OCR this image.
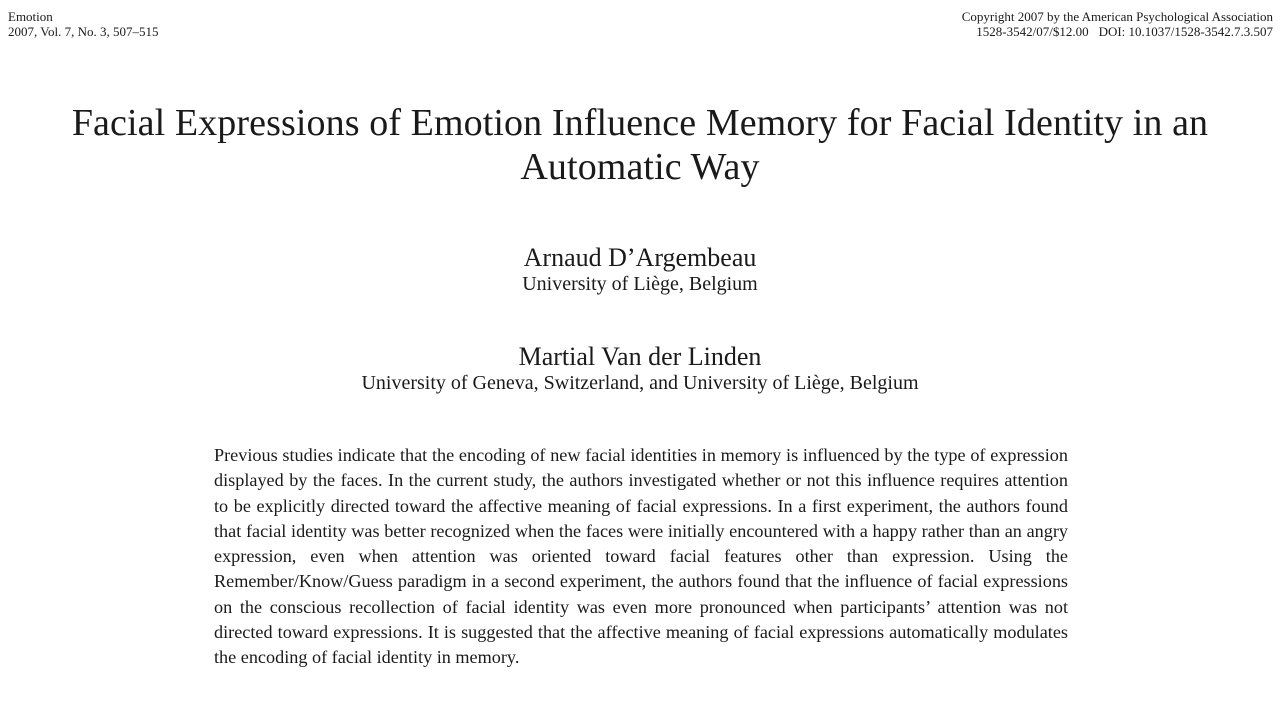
Emotion
2007, Vol. 7, No. 3, 507–515
Copyright 2007 by the American Psychological Association
1528-3542/07/$12.00 DOI: 10.1037/1528-3542.7.3.507
Facial Expressions of Emotion Influence Memory for Facial Identity in an
Automatic Way
Arnaud D’Argembeau
University of Liège, Belgium
Martial Van der Linden
University of Geneva, Switzerland, and University of Liège, Belgium
Previous studies indicate that the encoding of new facial identities in memory is influenced by the type of expression displayed by the faces. In the current study, the authors investigated whether or not this influence requires attention to be explicitly directed toward the affective meaning of facial expressions. In a first experiment, the authors found that facial identity was better recognized when the faces were initially encountered with a happy rather than an angry expression, even when attention was oriented toward facial features other than expression. Using the Remember/Know/Guess paradigm in a second experiment, the authors found that the influence of facial expressions on the conscious recollection of facial identity was even more pronounced when participants’ attention was not directed toward expressions. It is suggested that the affective meaning of facial expressions automatically modulates the encoding of facial identity in memory.
